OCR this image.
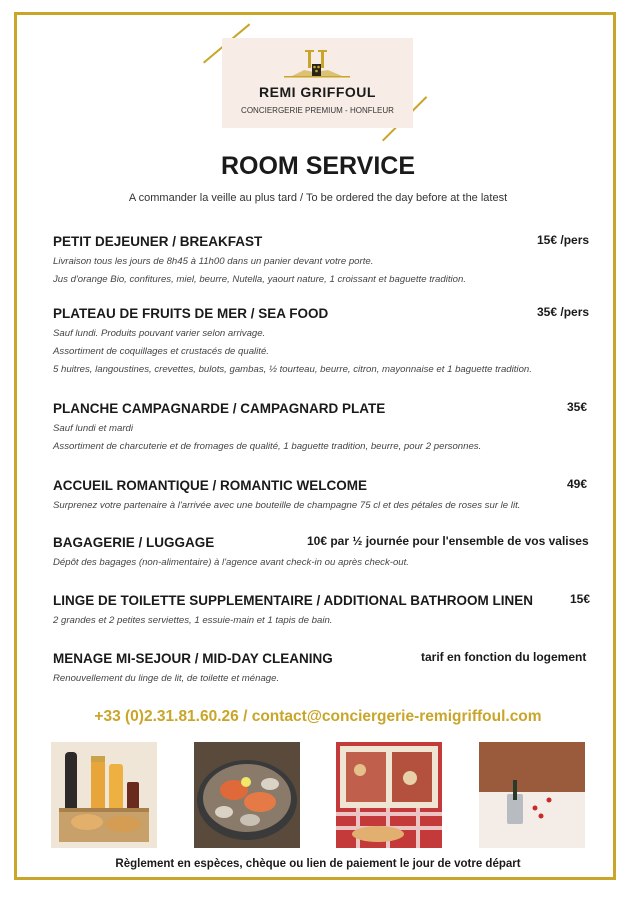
REMI GRIFFOUL
CONCIERGERIE PREMIUM - HONFLEUR
ROOM SERVICE
A commander la veille au plus tard / To be ordered the day before at the latest
PETIT DEJEUNER / BREAKFAST	15€ /pers
Livraison tous les jours de 8h45 à 11h00 dans un panier devant votre porte.
Jus d'orange Bio, confitures, miel, beurre, Nutella, yaourt nature, 1 croissant et baguette tradition.
PLATEAU DE FRUITS DE MER / SEA FOOD	35€ /pers
Sauf lundi. Produits pouvant varier selon arrivage.
Assortiment de coquillages et crustacés de qualité.
5 huitres, langoustines, crevettes, bulots, gambas, ½ tourteau, beurre, citron, mayonnaise et 1 baguette tradition.
PLANCHE CAMPAGNARDE / CAMPAGNARD PLATE	35€
Sauf lundi et mardi
Assortiment de charcuterie et de fromages de qualité, 1 baguette tradition, beurre, pour 2 personnes.
ACCUEIL ROMANTIQUE / ROMANTIC WELCOME	49€
Surprenez votre partenaire à l'arrivée avec une bouteille de champagne 75 cl et des pétales de roses sur le lit.
BAGAGERIE / LUGGAGE	10€ par ½ journée pour l'ensemble de vos valises
Dépôt des bagages (non-alimentaire) à l'agence avant check-in ou après check-out.
LINGE DE TOILETTE SUPPLEMENTAIRE / ADDITIONAL BATHROOM LINEN	15€
2 grandes et 2 petites serviettes, 1 essuie-main et 1 tapis de bain.
MENAGE MI-SEJOUR / MID-DAY CLEANING	tarif en fonction du logement
Renouvellement du linge de lit, de toilette et ménage.
+33 (0)2.31.81.60.26 / contact@conciergerie-remigriffoul.com
Règlement en espèces, chèque ou lien de paiement le jour de votre départ
